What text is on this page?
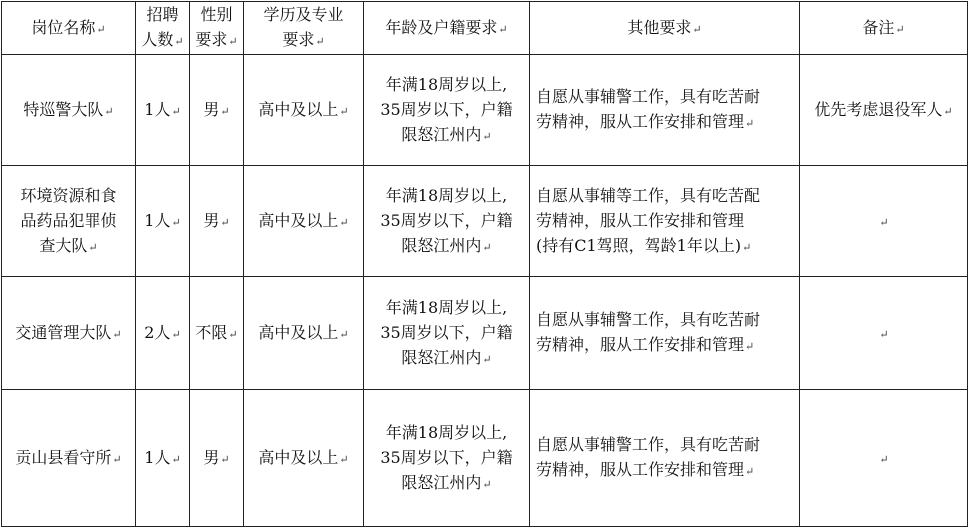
岗位名称↵	招聘
人数↵	性别
要求↵	学历及专业
要求↵	年龄及户籍要求↵	其他要求↵	备注↵
特巡警大队↵	1人↵	男↵	高中及以上↵	年满18周岁以上,
35周岁以下，户籍
限怒江州内↵	自愿从事辅警工作，具有吃苦耐
劳精神，服从工作安排和管理↵	优先考虑退役军人↵

环境资源和食
品药品犯罪侦
查大队↵	1人↵	男↵	高中及以上↵	年满18周岁以上,
35周岁以下，户籍
限怒江州内↵	自愿从事辅等工作，具有吃苦配
劳精神，服从工作安排和管理
(持有C1驾照，驾龄1年以上)↵	↵
交通管理大队↵	2人↵	不限↵	高中及以上↵	年满18周岁以上,
35周岁以下，户籍
限怒江州内↵	自愿从事辅警工作，具有吃苦耐
劳精神，服从工作安排和管理↵	↵
贡山县看守所↵	1人↵	男↵	高中及以上↵	年满18周岁以上,
35周岁以下，户籍
限怒江州内↵	自愿从事辅警工作，具有吃苦耐
劳精神，服从工作安排和管理↵	↵
